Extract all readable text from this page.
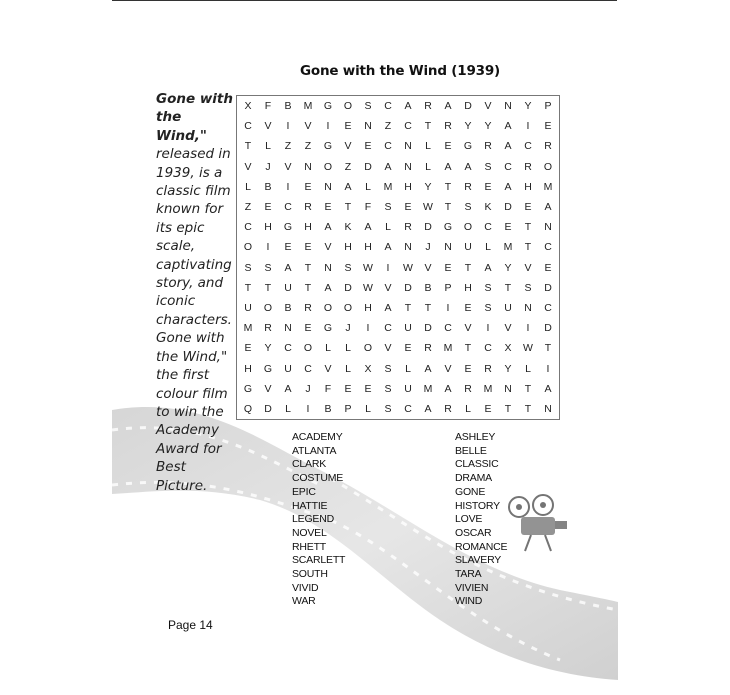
Gone with the Wind (1939)
Gone with
the Wind,"
released in
1939, is a
classic film
known for
its epic
scale,
captivating
story, and
iconic
characters.
Gone with
the Wind,"
the first
colour film
to win the
Academy
Award for
Best
Picture.
X	F	B	M	G	O	S	C	A	R	A	D	V	N	Y	P
C	V	I	V	I	E	N	Z	C	T	R	Y	Y	A	I	E
T	L	Z	Z	G	V	E	C	N	L	E	G	R	A	C	R
V	J	V	N	O	Z	D	A	N	L	A	A	S	C	R	O
L	B	I	E	N	A	L	M	H	Y	T	R	E	A	H	M
Z	E	C	R	E	T	F	S	E	W	T	S	K	D	E	A
C	H	G	H	A	K	A	L	R	D	G	O	C	E	T	N
O	I	E	E	V	H	H	A	N	J	N	U	L	M	T	C
S	S	A	T	N	S	W	I	W	V	E	T	A	Y	V	E
T	T	U	T	A	D	W	V	D	B	P	H	S	T	S	D
U	O	B	R	O	O	H	A	T	T	I	E	S	U	N	C
M	R	N	E	G	J	I	C	U	D	C	V	I	V	I	D
E	Y	C	O	L	L	O	V	E	R	M	T	C	X	W	T
H	G	U	C	V	L	X	S	L	A	V	E	R	Y	L	I
G	V	A	J	F	E	E	S	U	M	A	R	M	N	T	A
Q	D	L	I	B	P	L	S	C	A	R	L	E	T	T	N
ACADEMY
ATLANTA
CLARK
COSTUME
EPIC
HATTIE
LEGEND
NOVEL
RHETT
SCARLETT
SOUTH
VIVID
WAR
ASHLEY
BELLE
CLASSIC
DRAMA
GONE
HISTORY
LOVE
OSCAR
ROMANCE
SLAVERY
TARA
VIVIEN
WIND
Page 14
